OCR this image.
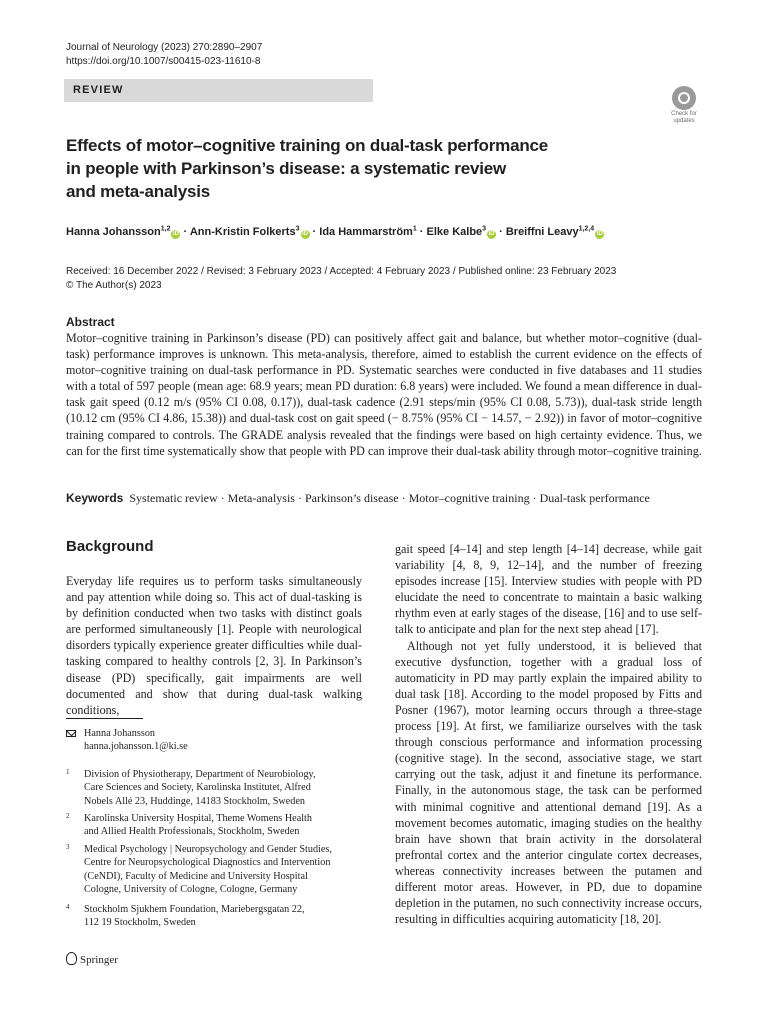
Journal of Neurology (2023) 270:2890–2907
https://doi.org/10.1007/s00415-023-11610-8
REVIEW
Check for
updates
Effects of motor–cognitive training on dual-task performance
in people with Parkinson’s disease: a systematic review
and meta-analysis
Hanna Johansson$^{1,2}$iD · Ann-Kristin Folkerts$^3$iD · Ida Hammarström$^1$ · Elke Kalbe$^3$iD · Breiffni Leavy$^{1,2,4}$iD
Received: 16 December 2022 / Revised: 3 February 2023 / Accepted: 4 February 2023 / Published online: 23 February 2023
© The Author(s) 2023
Abstract
Motor–cognitive training in Parkinson’s disease (PD) can positively affect gait and balance, but whether motor–cognitive (dual-task) performance improves is unknown. This meta-analysis, therefore, aimed to establish the current evidence on the effects of motor–cognitive training on dual-task performance in PD. Systematic searches were conducted in five databases and 11 studies with a total of 597 people (mean age: 68.9 years; mean PD duration: 6.8 years) were included. We found a mean difference in dual-task gait speed (0.12 m/s (95% CI 0.08, 0.17)), dual-task cadence (2.91 steps/min (95% CI 0.08, 5.73)), dual-task stride length (10.12 cm (95% CI 4.86, 15.38)) and dual-task cost on gait speed (− 8.75% (95% CI − 14.57, − 2.92)) in favor of motor–cognitive training compared to controls. The GRADE analysis revealed that the findings were based on high certainty evidence. Thus, we can for the first time systematically show that people with PD can improve their dual-task ability through motor–cognitive training.
Keywords Systematic review · Meta-analysis · Parkinson’s disease · Motor–cognitive training · Dual-task performance
Background
Everyday life requires us to perform tasks simultaneously and pay attention while doing so. This act of dual-tasking is by definition conducted when two tasks with distinct goals are performed simultaneously [1]. People with neurological disorders typically experience greater difficulties while dual-tasking compared to healthy controls [2, 3]. In Parkinson’s disease (PD) specifically, gait impairments are well documented and show that during dual-task walking conditions,
gait speed [4–14] and step length [4–14] decrease, while gait variability [4, 8, 9, 12–14], and the number of freezing episodes increase [15]. Interview studies with people with PD elucidate the need to concentrate to maintain a basic walking rhythm even at early stages of the disease, [16] and to use self-talk to anticipate and plan for the next step ahead [17].
Although not yet fully understood, it is believed that executive dysfunction, together with a gradual loss of automaticity in PD may partly explain the impaired ability to dual task [18]. According to the model proposed by Fitts and Posner (1967), motor learning occurs through a three-stage process [19]. At first, we familiarize ourselves with the task through conscious performance and information processing (cognitive stage). In the second, associative stage, we start carrying out the task, adjust it and finetune its performance. Finally, in the autonomous stage, the task can be performed with minimal cognitive and attentional demand [19]. As a movement becomes automatic, imaging studies on the healthy brain have shown that brain activity in the dorsolateral prefrontal cortex and the anterior cingulate cortex decreases, whereas connectivity increases between the putamen and different motor areas. However, in PD, due to dopamine depletion in the putamen, no such connectivity increase occurs, resulting in difficulties acquiring automaticity [18, 20].
Hanna Johansson
hanna.johansson.1@ki.se
1 Division of Physiotherapy, Department of Neurobiology,
Care Sciences and Society, Karolinska Institutet, Alfred
Nobels Allé 23, Huddinge, 14183 Stockholm, Sweden
2 Karolinska University Hospital, Theme Womens Health
and Allied Health Professionals, Stockholm, Sweden
3 Medical Psychology | Neuropsychology and Gender Studies,
Centre for Neuropsychological Diagnostics and Intervention
(CeNDI), Faculty of Medicine and University Hospital
Cologne, University of Cologne, Cologne, Germany
4 Stockholm Sjukhem Foundation, Mariebergsgatan 22,
112 19 Stockholm, Sweden
Springer
